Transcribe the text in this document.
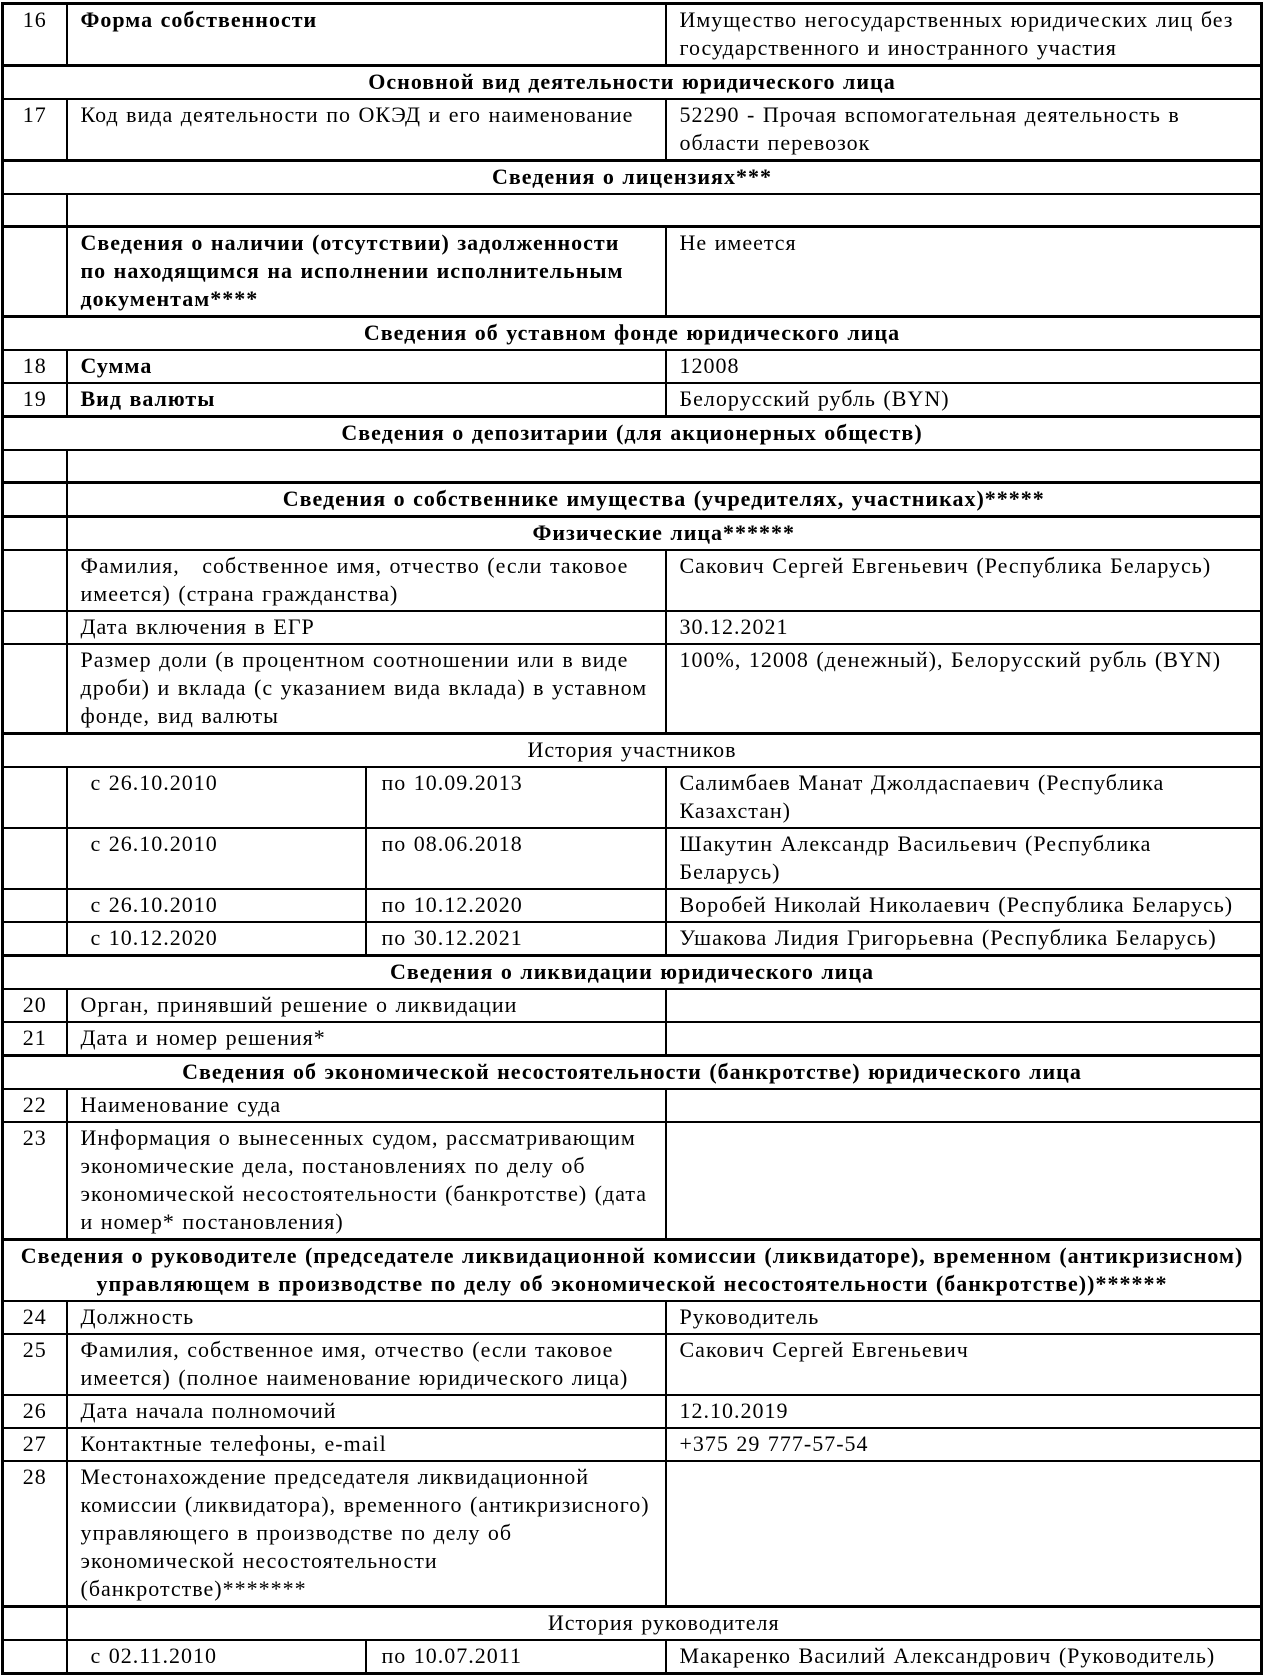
16	Форма собственности		Имущество негосударственных юридических лиц без государственного и иностранного участия
Основной вид деятельности юридического лица			
17	Код вида деятельности по ОКЭД и его наименование		52290 - Прочая вспомогательная деятельность в области перевозок
Сведения о лицензиях***			

	Сведения о наличии (отсутствии) задолженности по находящимся на исполнении исполнительным документам****		Не имеется
Сведения об уставном фонде юридического лица			
18	Сумма		12008
19	Вид валюты		Белорусский рубль (BYN)
Сведения о депозитарии (для акционерных обществ)			

	Сведения о собственнике имущества (учредителях, участниках)*****		
	Физические лица******		
	Фамилия,   собственное имя, отчество (если таковое имеется) (страна гражданства)		Сакович Сергей Евгеньевич (Республика Беларусь)
	Дата включения в ЕГР		30.12.2021
	Размер доли (в процентном соотношении или в виде дроби) и вклада (с указанием вида вклада) в уставном фонде, вид валюты		100%, 12008 (денежный), Белорусский рубль (BYN)
История участников			
	с 26.10.2010	по 10.09.2013	Салимбаев Манат Джолдаспаевич (Республика Казахстан)
	с 26.10.2010	по 08.06.2018	Шакутин Александр Васильевич (Республика Беларусь)
	с 26.10.2010	по 10.12.2020	Воробей Николай Николаевич (Республика Беларусь)
	с 10.12.2020	по 30.12.2021	Ушакова Лидия Григорьевна (Республика Беларусь)
Сведения о ликвидации юридического лица			
20	Орган, принявший решение о ликвидации		
21	Дата и номер решения*		
Сведения об экономической несостоятельности (банкротстве) юридического лица			
22	Наименование суда		
23	Информация о вынесенных судом, рассматривающим экономические дела, постановлениях по делу об экономической несостоятельности (банкротстве) (дата и номер* постановления)		
Сведения о руководителе (председателе ликвидационной комиссии (ликвидаторе), временном (антикризисном) управляющем в производстве по делу об экономической несостоятельности (банкротстве))******			
24	Должность		Руководитель
25	Фамилия, собственное имя, отчество (если таковое имеется) (полное наименование юридического лица)		Сакович Сергей Евгеньевич
26	Дата начала полномочий		12.10.2019
27	Контактные телефоны, e-mail		+375 29 777-57-54
28	Местонахождение председателя ликвидационной комиссии (ликвидатора), временного (антикризисного) управляющего в производстве по делу об экономической несостоятельности (банкротстве)*******		
	История руководителя		
	с 02.11.2010	по 10.07.2011	Макаренко Василий Александрович (Руководитель)
